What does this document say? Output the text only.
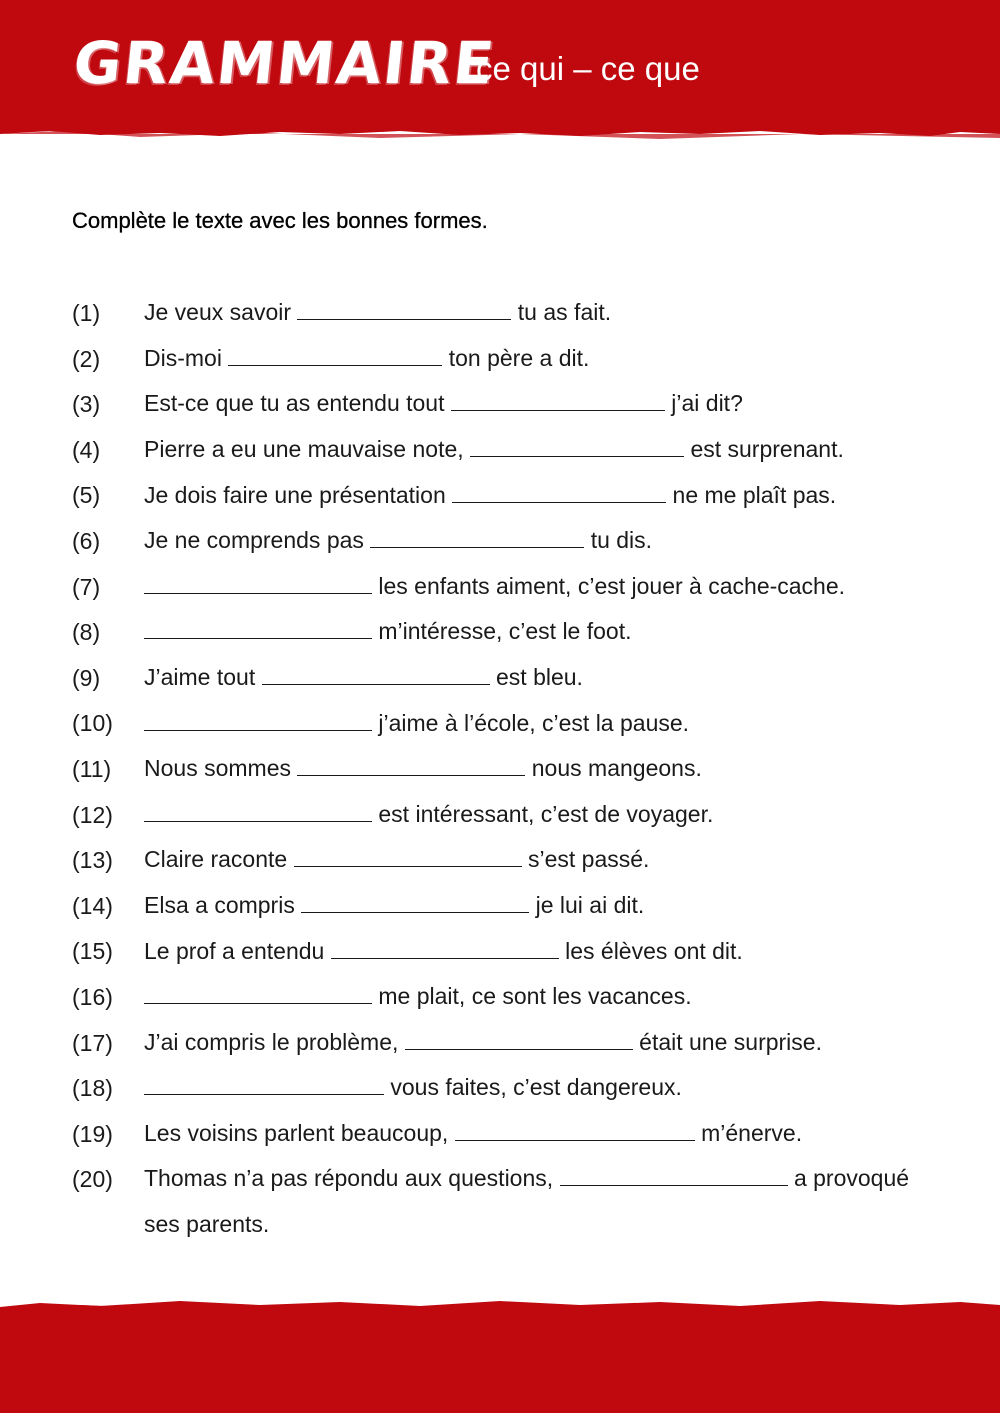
GRAMMAIRE
ce qui – ce que
Complète le texte avec les bonnes formes.
(1)	Je veux savoir	tu as fait.
(2)	Dis-moi	ton père a dit.
(3)	Est-ce que tu as entendu tout	j’ai dit?
(4)	Pierre a eu une mauvaise note,	est surprenant.
(5)	Je dois faire une présentation	ne me plaît pas.
(6)	Je ne comprends pas	tu dis.
(7)	les enfants aiment, c’est jouer à cache-cache.
(8)	m’intéresse, c’est le foot.
(9)	J’aime tout	est bleu.
(10)	j’aime à l’école, c’est la pause.
(11)	Nous sommes	nous mangeons.
(12)	est intéressant, c’est de voyager.
(13)	Claire raconte	s’est passé.
(14)	Elsa a compris	je lui ai dit.
(15)	Le prof a entendu	les élèves ont dit.
(16)	me plait, ce sont les vacances.
(17)	J’ai compris le problème,	était une surprise.
(18)	vous faites, c’est dangereux.
(19)	Les voisins parlent beaucoup,	m’énerve.
(20)	Thomas n’a pas répondu aux questions,	a provoqué ses parents.
